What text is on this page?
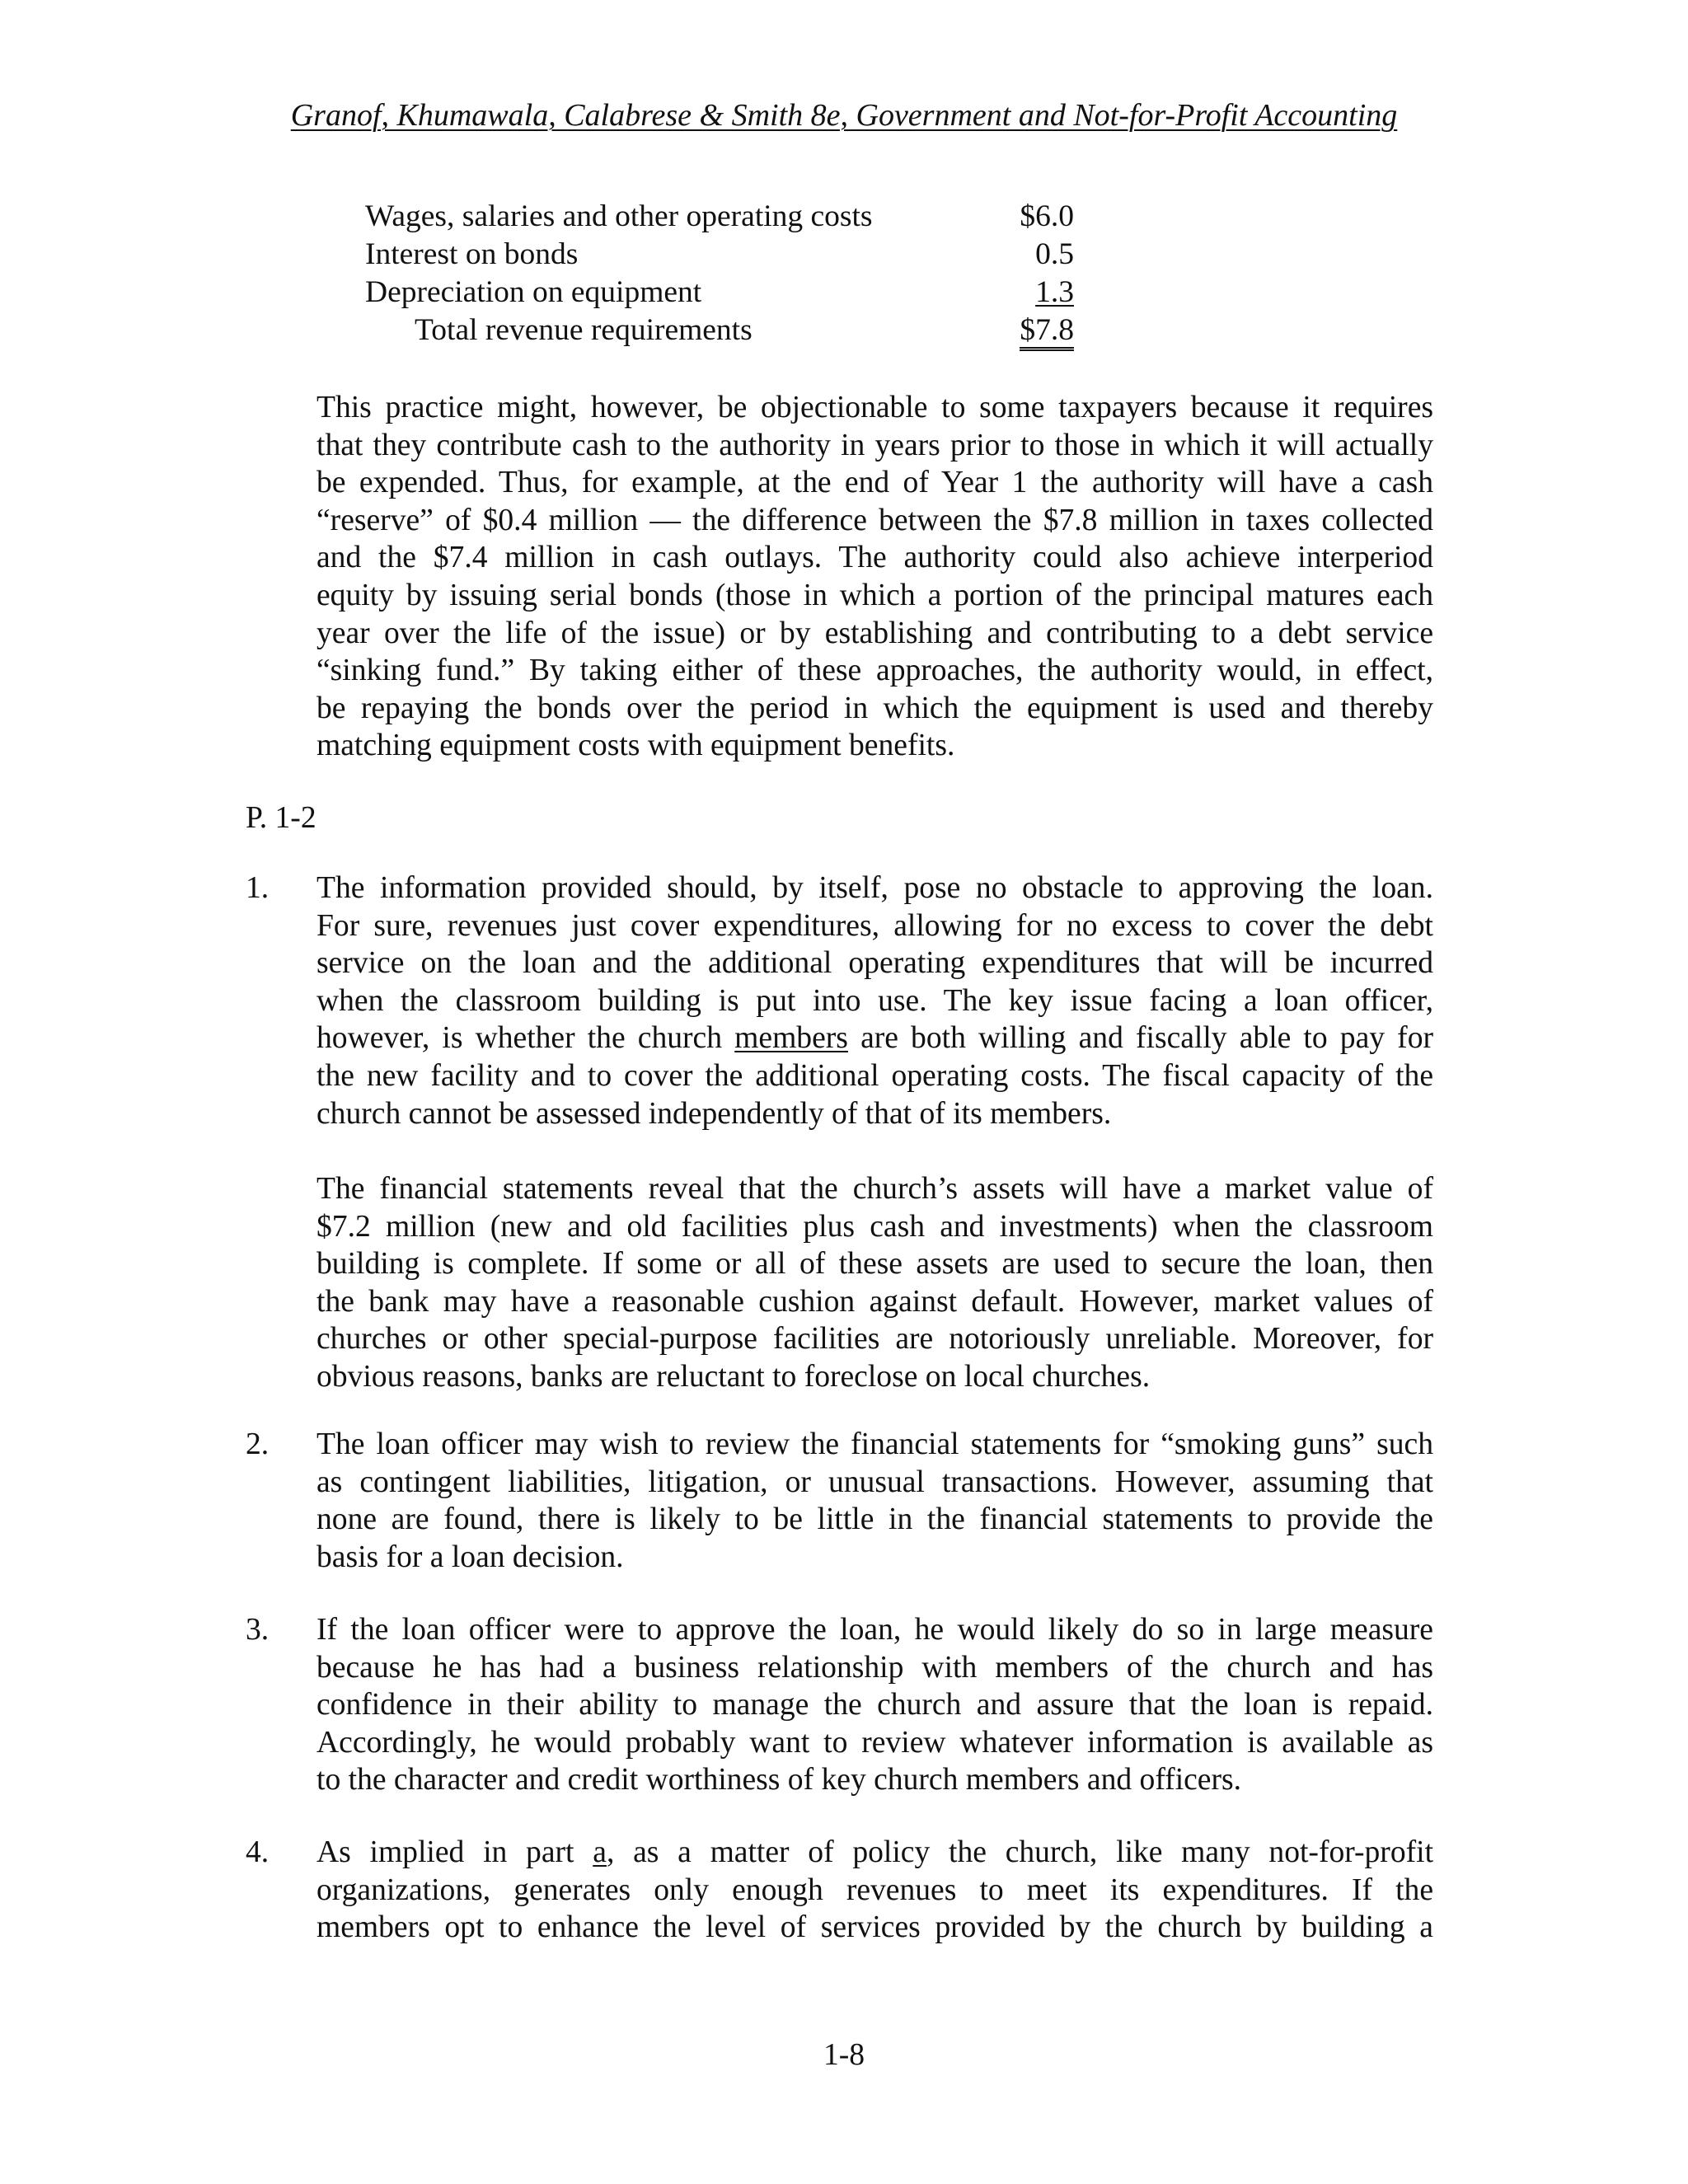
Granof, Khumawala, Calabrese & Smith 8e, Government and Not-for-Profit Accounting
Wages, salaries and other operating costs	$6.0
Interest on bonds	0.5
Depreciation on equipment	1.3
Total revenue requirements	$7.8
This practice might, however, be objectionable to some taxpayers because it requires
that they contribute cash to the authority in years prior to those in which it will actually
be expended. Thus, for example, at the end of Year 1 the authority will have a cash
“reserve” of $0.4 million — the difference between the $7.8 million in taxes collected
and the $7.4 million in cash outlays. The authority could also achieve interperiod
equity by issuing serial bonds (those in which a portion of the principal matures each
year over the life of the issue) or by establishing and contributing to a debt service
“sinking fund.” By taking either of these approaches, the authority would, in effect,
be repaying the bonds over the period in which the equipment is used and thereby
matching equipment costs with equipment benefits.
P. 1-2
1. The information provided should, by itself, pose no obstacle to approving the loan.
For sure, revenues just cover expenditures, allowing for no excess to cover the debt
service on the loan and the additional operating expenditures that will be incurred
when the classroom building is put into use. The key issue facing a loan officer,
however, is whether the church members are both willing and fiscally able to pay for
the new facility and to cover the additional operating costs. The fiscal capacity of the
church cannot be assessed independently of that of its members.
The financial statements reveal that the church’s assets will have a market value of
$7.2 million (new and old facilities plus cash and investments) when the classroom
building is complete. If some or all of these assets are used to secure the loan, then
the bank may have a reasonable cushion against default. However, market values of
churches or other special-purpose facilities are notoriously unreliable. Moreover, for
obvious reasons, banks are reluctant to foreclose on local churches.
2. The loan officer may wish to review the financial statements for “smoking guns” such
as contingent liabilities, litigation, or unusual transactions. However, assuming that
none are found, there is likely to be little in the financial statements to provide the
basis for a loan decision.
3. If the loan officer were to approve the loan, he would likely do so in large measure
because he has had a business relationship with members of the church and has
confidence in their ability to manage the church and assure that the loan is repaid.
Accordingly, he would probably want to review whatever information is available as
to the character and credit worthiness of key church members and officers.
4. As implied in part a, as a matter of policy the church, like many not-for-profit
organizations, generates only enough revenues to meet its expenditures. If the
members opt to enhance the level of services provided by the church by building a
1-8
